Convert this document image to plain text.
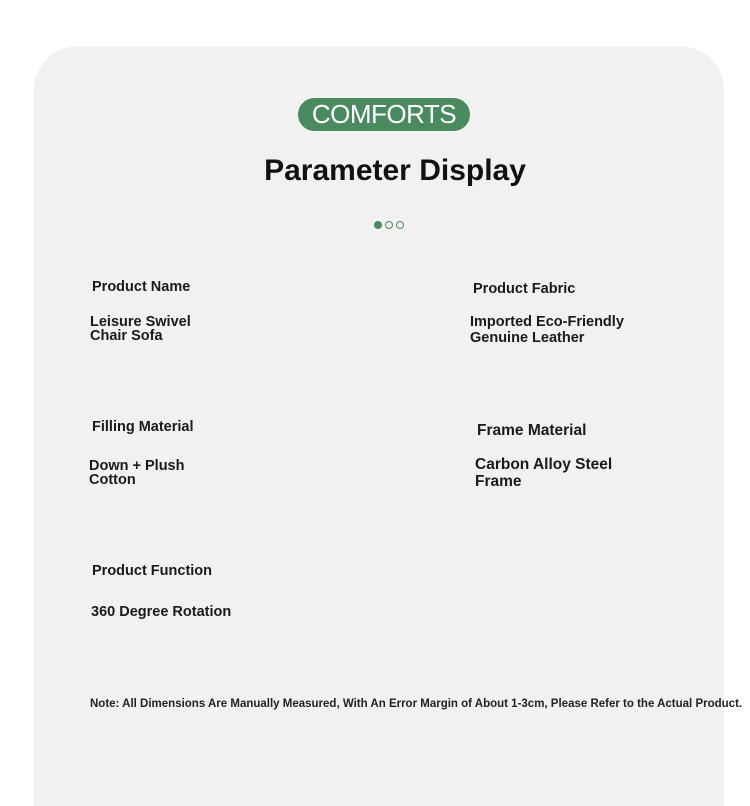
COMFORTS
Parameter Display
Product Name
Leisure Swivel
Chair Sofa
Product Fabric
Imported Eco-Friendly
Genuine Leather
Filling Material
Down + Plush
Cotton
Frame Material
Carbon Alloy Steel
Frame
Product Function
360 Degree Rotation
Note: All Dimensions Are Manually Measured, With An Error Margin of About 1-3cm, Please Refer to the Actual Product.
